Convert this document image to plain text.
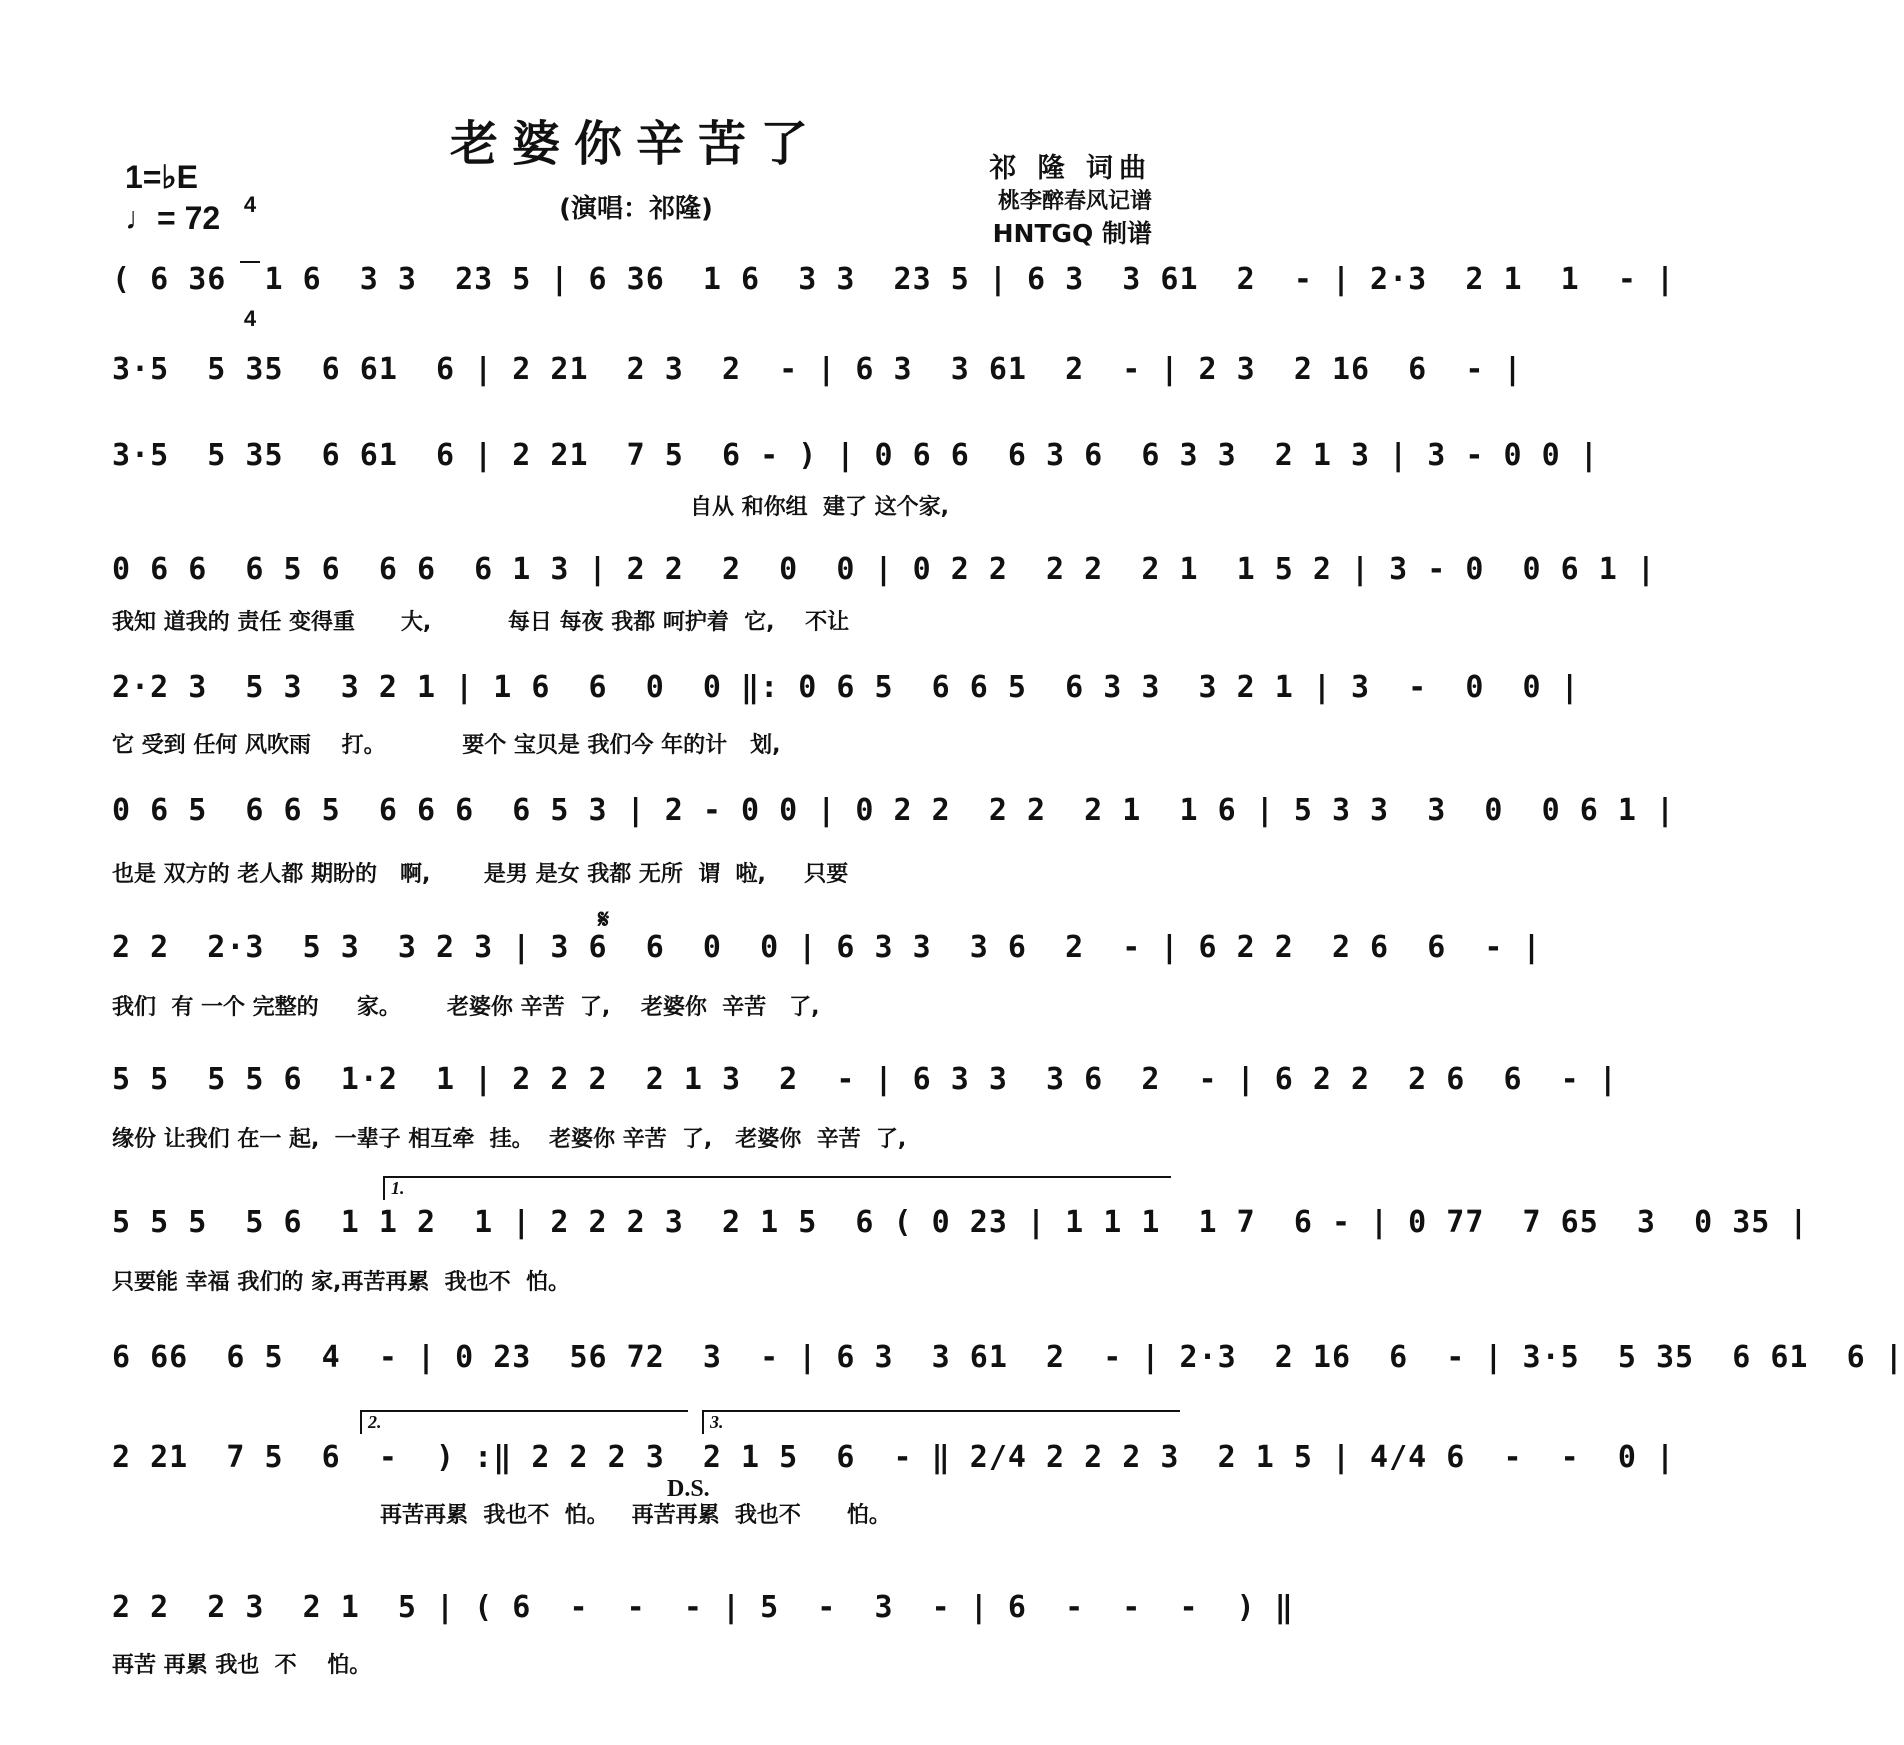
老婆你辛苦了
(演唱：祁隆)
1=♭E

4

4

♩= 72
祁 隆 词曲
桃李醉春风记谱
HNTGQ 制谱
( 6 36  1 6  3 3  23 5 | 6 36  1 6  3 3  23 5 | 6 3  3 61  2  - | 2·3  2 1  1  - |
3·5  5 35  6 61  6 | 2 21  2 3  2  - | 6 3  3 61  2  - | 2 3  2 16  6  - |
3·5  5 35  6 61  6 | 2 21  7 5  6 - ) | 0 6 6  6 3 6  6 3 3  2 1 3 | 3 - 0 0 |
自从 和你组  建了 这个家,
0 6 6  6 5 6  6 6  6 1 3 | 2 2  2  0  0 | 0 2 2  2 2  2 1  1 5 2 | 3 - 0  0 6 1 |
我知 道我的 责任 变得重      大,          每日 每夜 我都 呵护着  它,    不让
2·2 3  5 3  3 2 1 | 1 6  6  0  0 ‖: 0 6 5  6 6 5  6 3 3  3 2 1 | 3  -  0  0 |
它 受到 任何 风吹雨    打。          要个 宝贝是 我们今 年的计   划,
0 6 5  6 6 5  6 6 6  6 5 3 | 2 - 0 0 | 0 2 2  2 2  2 1  1 6 | 5 3 3  3  0  0 6 1 |
也是 双方的 老人都 期盼的   啊,       是男 是女 我都 无所  谓  啦,     只要
𝄋
2 2  2·3  5 3  3 2 3 | 3 6  6  0  0 | 6 3 3  3 6  2  - | 6 2 2  2 6  6  - |
我们  有 一个 完整的     家。      老婆你 辛苦  了,    老婆你  辛苦   了,
5 5  5 5 6  1·2  1 | 2 2 2  2 1 3  2  - | 6 3 3  3 6  2  - | 6 2 2  2 6  6  - |
缘份 让我们 在一 起,  一辈子 相互牵  挂。  老婆你 辛苦  了,   老婆你  辛苦  了,
1.
5 5 5  5 6  1 1 2  1 | 2 2 2 3  2 1 5  6 ( 0 23 | 1 1 1  1 7  6 - | 0 77  7 65  3  0 35 |
只要能 幸福 我们的 家,再苦再累  我也不  怕。
6 66  6 5  4  - | 0 23  56 72  3  - | 6 3  3 61  2  - | 2·3  2 16  6  - | 3·5  5 35  6 61  6 |
2.	3.
2 21  7 5  6  -  ) :‖ 2 2 2 3  2 1 5  6  - ‖ 2/4 2 2 2 3  2 1 5 | 4/4 6  -  -  0 |
D.S.
再苦再累  我也不  怕。   再苦再累  我也不      怕。
2 2  2 3  2 1  5 | ( 6  -  -  - | 5  -  3  - | 6  -  -  -  ) ‖
再苦 再累 我也  不    怕。
